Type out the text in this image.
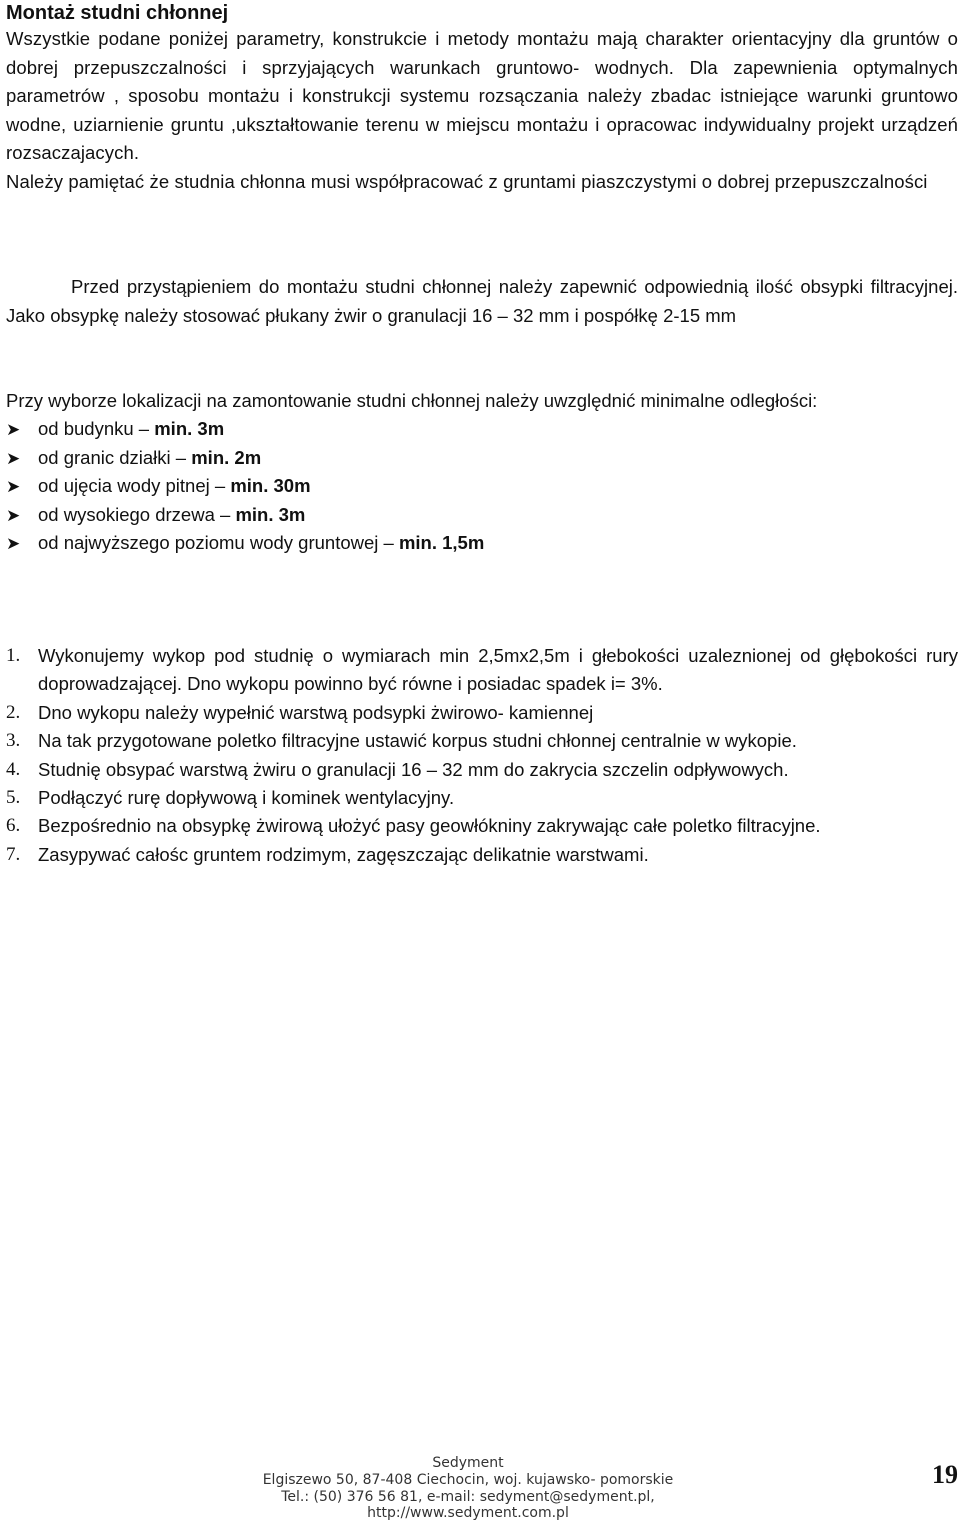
Montaż studni chłonnej

Wszystkie podane poniżej parametry, konstrukcie i metody montażu mają charakter orientacyjny dla gruntów o dobrej przepuszczalności i sprzyjających warunkach gruntowo- wodnych. Dla zapewnienia optymalnych parametrów , sposobu montażu i konstrukcji systemu rozsączania należy zbadac istniejące warunki gruntowo wodne, uziarnienie gruntu ,ukształtowanie terenu w miejscu montażu i opracowac indywidualny projekt urządzeń rozsaczajacych.

Należy pamiętać że studnia chłonna musi współpracować z gruntami piaszczystymi o dobrej przepuszczalności

Przed przystąpieniem do montażu studni chłonnej należy zapewnić odpowiednią ilość obsypki filtracyjnej. Jako obsypkę należy stosować płukany żwir o granulacji 16 – 32 mm i pospółkę 2-15 mm

Przy wyborze lokalizacji na zamontowanie studni chłonnej należy uwzględnić minimalne odległości:

➤ od budynku – min. 3m
➤ od granic działki – min. 2m
➤ od ujęcia wody pitnej – min. 30m
➤ od wysokiego drzewa – min. 3m
➤ od najwyższego poziomu wody gruntowej – min. 1,5m
1. Wykonujemy wykop pod studnię o wymiarach min 2,5mx2,5m i głebokości uzaleznionej od głębokości rury doprowadzającej. Dno wykopu powinno być równe i posiadac spadek i= 3%.
2. Dno wykopu należy wypełnić warstwą podsypki żwirowo- kamiennej
3. Na tak przygotowane poletko filtracyjne ustawić korpus studni chłonnej centralnie w wykopie.
4. Studnię obsypać warstwą żwiru o granulacji 16 – 32 mm do zakrycia szczelin odpływowych.
5. Podłączyć rurę dopływową i kominek wentylacyjny.
6. Bezpośrednio na obsypkę żwirową ułożyć pasy geowłókniny zakrywając całe poletko filtracyjne.
7. Zasypywać całośc gruntem rodzimym, zagęszczając delikatnie warstwami.
Sedyment
Elgiszewo 50, 87-408 Ciechocin, woj. kujawsko- pomorskie
Tel.: (50) 376 56 81, e-mail: sedyment@sedyment.pl,
http://www.sedyment.com.pl
19
